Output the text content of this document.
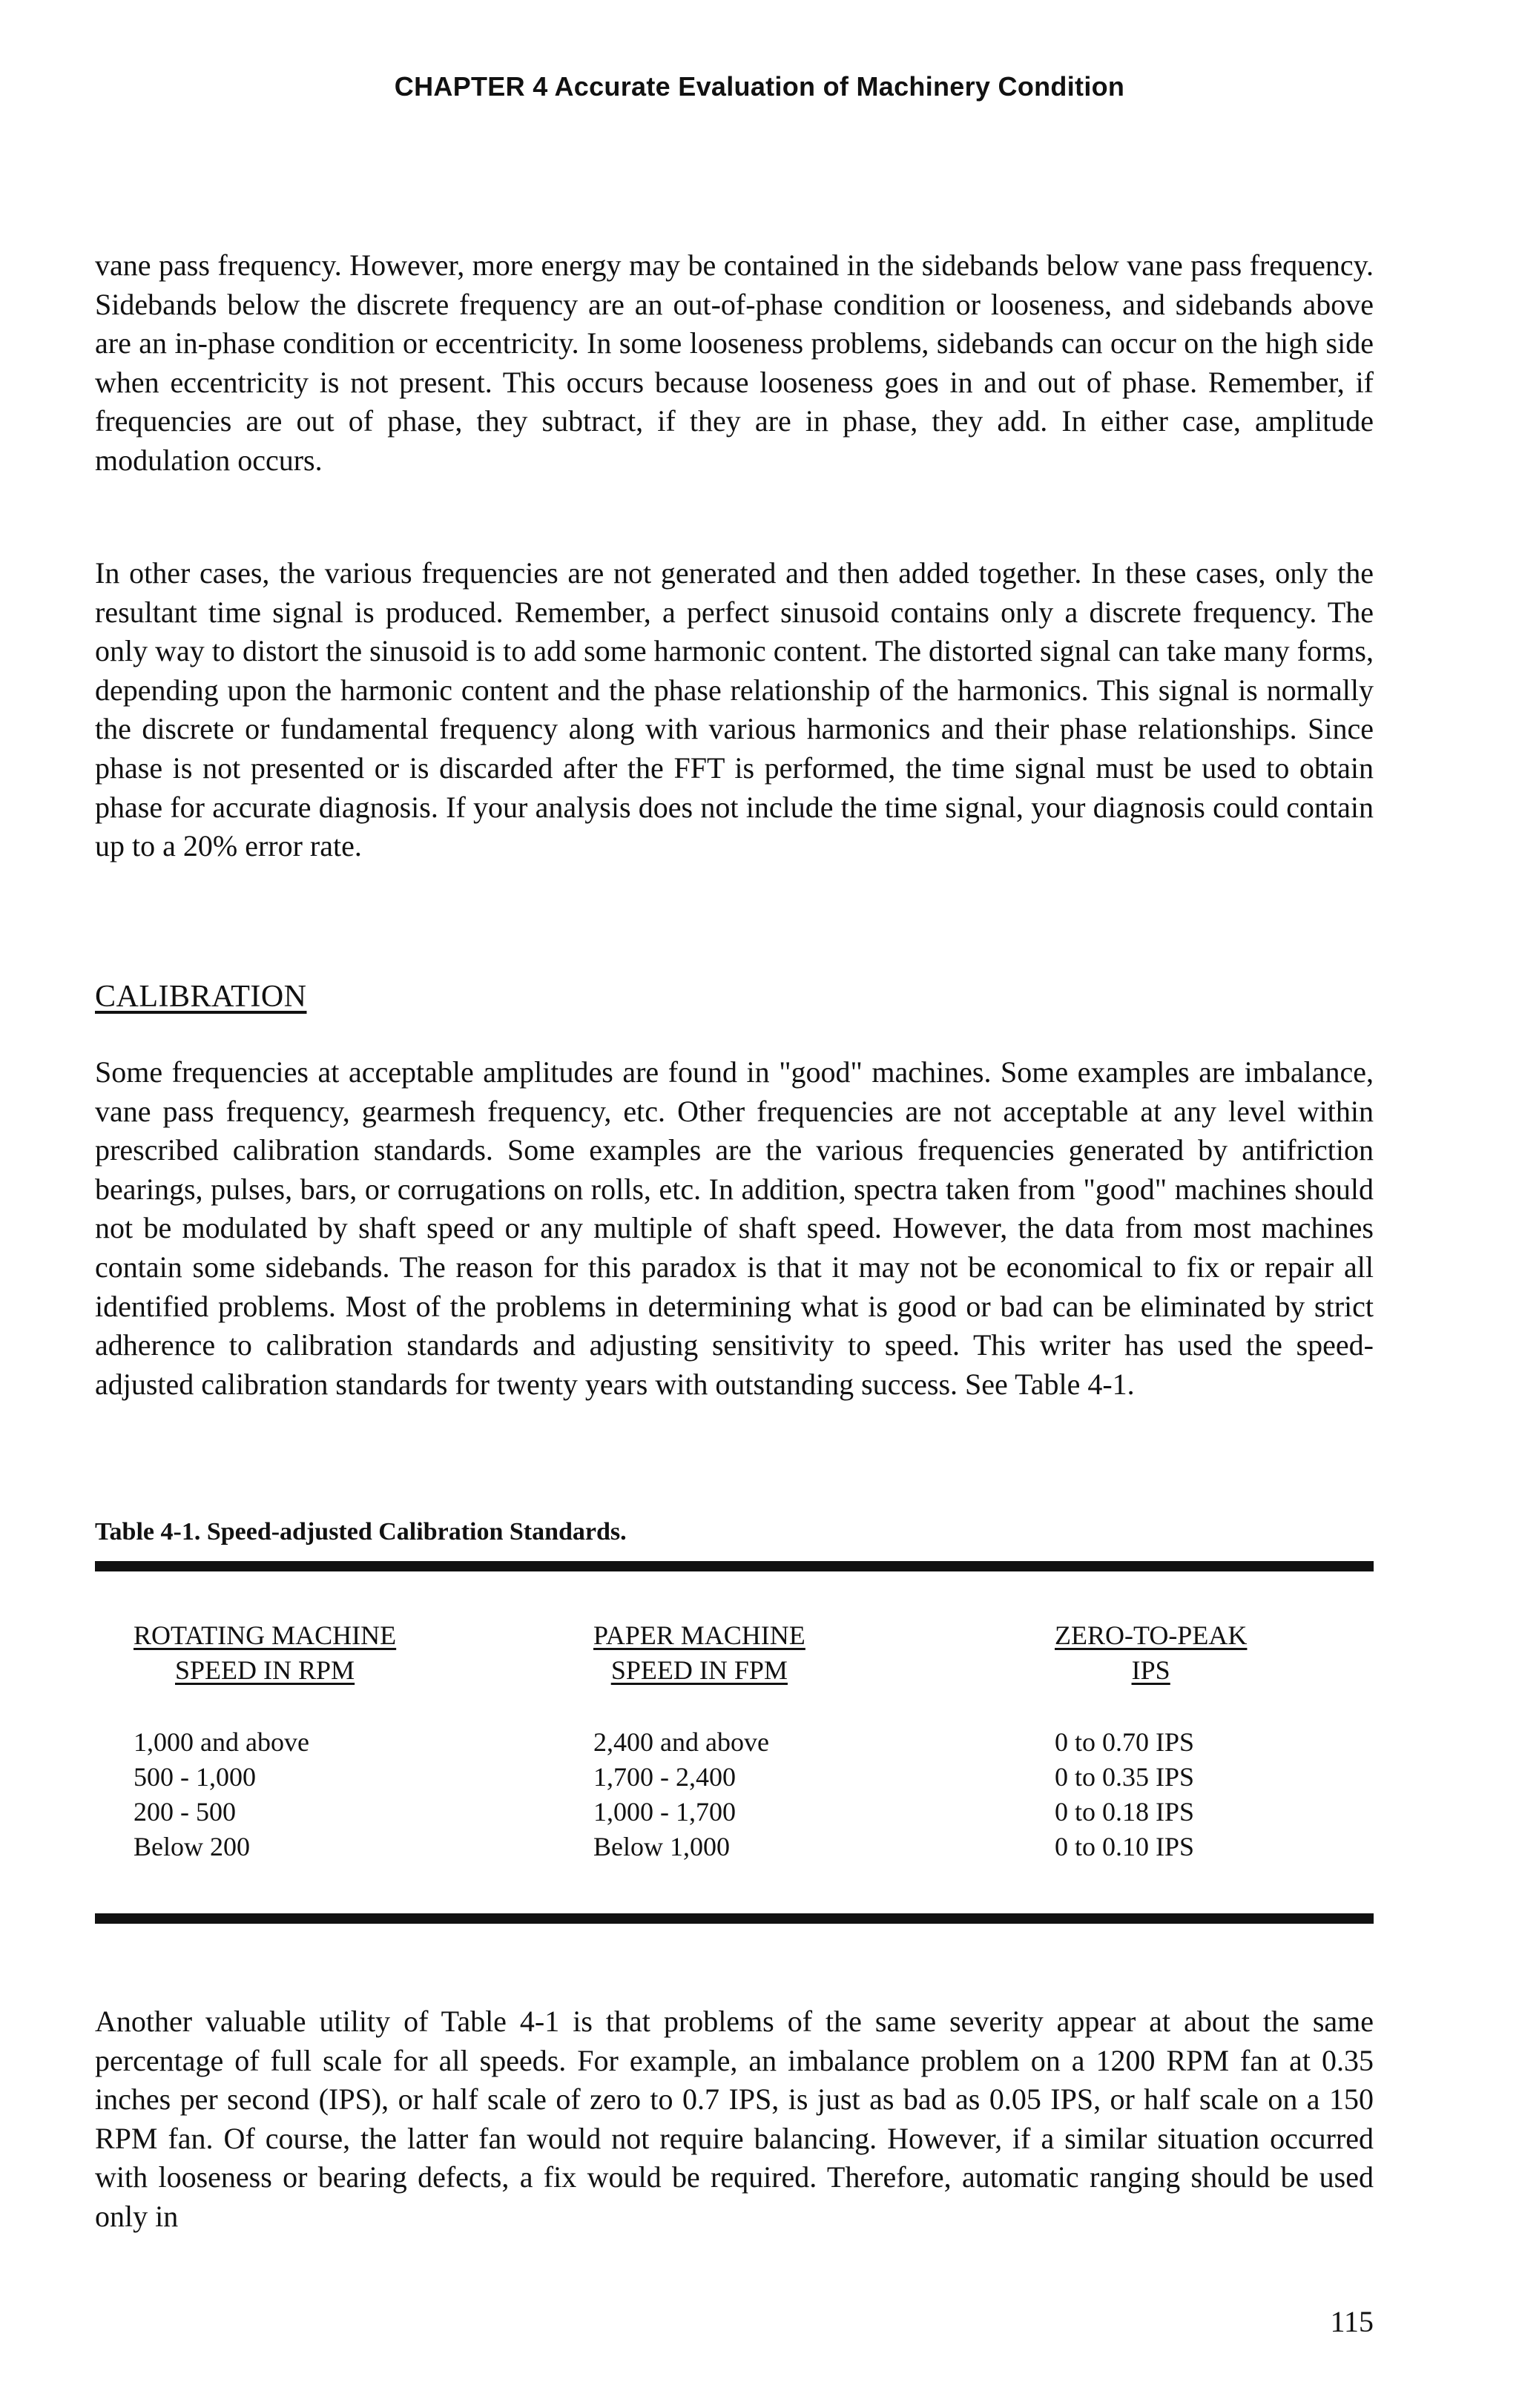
CHAPTER 4 Accurate Evaluation of Machinery Condition

vane pass frequency. However, more energy may be contained in the sidebands below vane pass frequency. Sidebands below the discrete frequency are an out-of-phase condition or looseness, and sidebands above are an in-phase condition or eccentricity. In some looseness problems, sidebands can occur on the high side when eccentricity is not present. This occurs because looseness goes in and out of phase. Remember, if frequencies are out of phase, they subtract, if they are in phase, they add. In either case, amplitude modulation occurs.

In other cases, the various frequencies are not generated and then added together. In these cases, only the resultant time signal is produced. Remember, a perfect sinusoid contains only a discrete frequency. The only way to distort the sinusoid is to add some harmonic content. The distorted signal can take many forms, depending upon the harmonic content and the phase relationship of the harmonics. This signal is normally the discrete or fundamental frequency along with various harmonics and their phase relationships. Since phase is not presented or is discarded after the FFT is performed, the time signal must be used to obtain phase for accurate diagnosis. If your analysis does not include the time signal, your diagnosis could contain up to a 20% error rate.

CALIBRATION

Some frequencies at acceptable amplitudes are found in "good" machines. Some examples are imbalance, vane pass frequency, gearmesh frequency, etc. Other frequencies are not acceptable at any level within prescribed calibration standards. Some examples are the various frequencies generated by antifriction bearings, pulses, bars, or corrugations on rolls, etc. In addition, spectra taken from "good" machines should not be modulated by shaft speed or any multiple of shaft speed. However, the data from most machines contain some sidebands. The reason for this paradox is that it may not be economical to fix or repair all identified problems. Most of the problems in determining what is good or bad can be eliminated by strict adherence to calibration standards and adjusting sensitivity to speed. This writer has used the speed-adjusted calibration standards for twenty years with outstanding success. See Table 4-1.

Table 4-1. Speed-adjusted Calibration Standards.
ROTATING MACHINE
SPEED IN RPM
1,000 and above
500 - 1,000
200 - 500
Below 200
PAPER MACHINE
SPEED IN FPM
2,400 and above
1,700 - 2,400
1,000 - 1,700
Below 1,000
ZERO-TO-PEAK
IPS
0 to 0.70 IPS
0 to 0.35 IPS
0 to 0.18 IPS
0 to 0.10 IPS

Another valuable utility of Table 4-1 is that problems of the same severity appear at about the same percentage of full scale for all speeds. For example, an imbalance problem on a 1200 RPM fan at 0.35 inches per second (IPS), or half scale of zero to 0.7 IPS, is just as bad as 0.05 IPS, or half scale on a 150 RPM fan. Of course, the latter fan would not require balancing. However, if a similar situation occurred with looseness or bearing defects, a fix would be required. Therefore, automatic ranging should be used only in

115
